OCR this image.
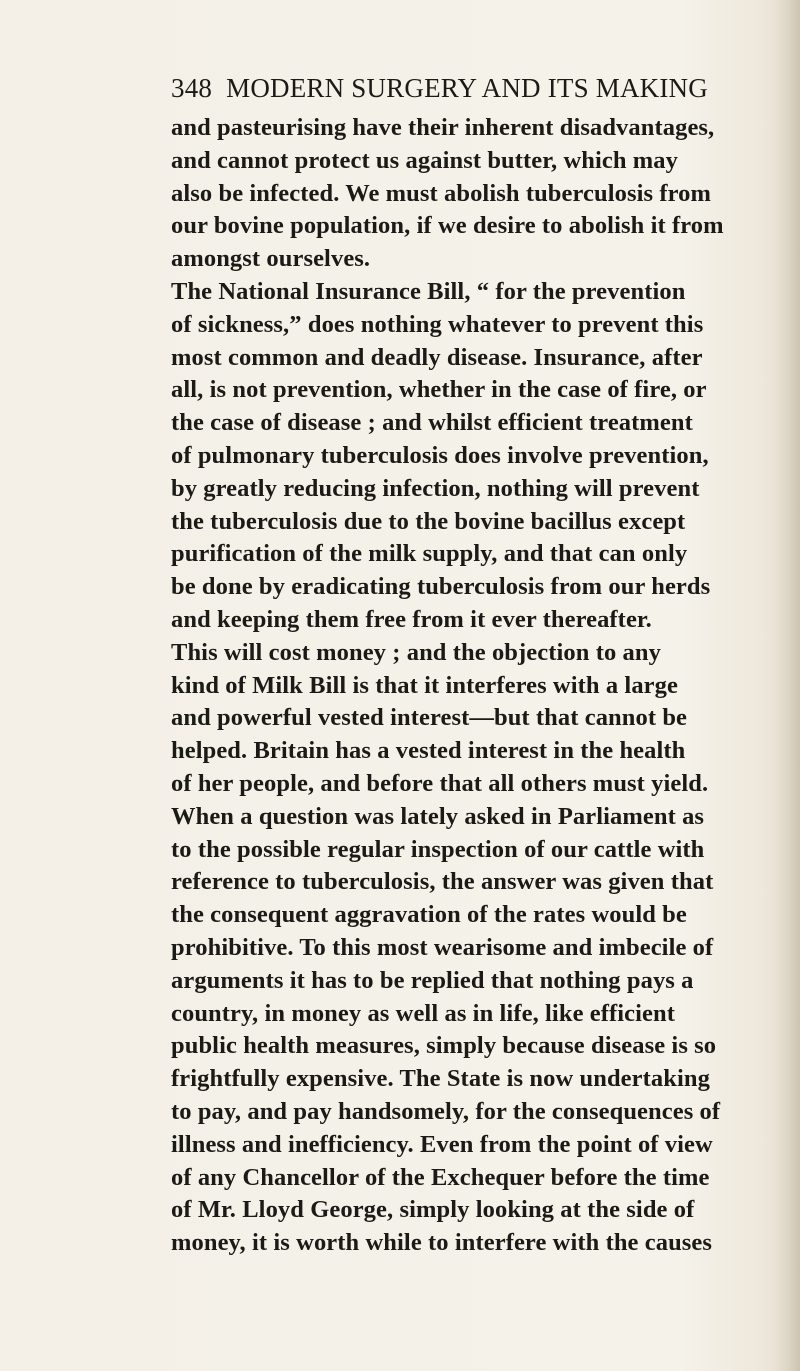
348 MODERN SURGERY AND ITS MAKING
and pasteurising have their inherent disadvantages,
and cannot protect us against butter, which may
also be infected. We must abolish tuberculosis from
our bovine population, if we desire to abolish it from
amongst ourselves.
The National Insurance Bill, “ for the prevention
of sickness,” does nothing whatever to prevent this
most common and deadly disease. Insurance, after
all, is not prevention, whether in the case of fire, or
the case of disease ; and whilst efficient treatment
of pulmonary tuberculosis does involve prevention,
by greatly reducing infection, nothing will prevent
the tuberculosis due to the bovine bacillus except
purification of the milk supply, and that can only
be done by eradicating tuberculosis from our herds
and keeping them free from it ever thereafter.
This will cost money ; and the objection to any
kind of Milk Bill is that it interferes with a large
and powerful vested interest—but that cannot be
helped. Britain has a vested interest in the health
of her people, and before that all others must yield.
When a question was lately asked in Parliament as
to the possible regular inspection of our cattle with
reference to tuberculosis, the answer was given that
the consequent aggravation of the rates would be
prohibitive. To this most wearisome and imbecile of
arguments it has to be replied that nothing pays a
country, in money as well as in life, like efficient
public health measures, simply because disease is so
frightfully expensive. The State is now undertaking
to pay, and pay handsomely, for the consequences of
illness and inefficiency. Even from the point of view
of any Chancellor of the Exchequer before the time
of Mr. Lloyd George, simply looking at the side of
money, it is worth while to interfere with the causes
